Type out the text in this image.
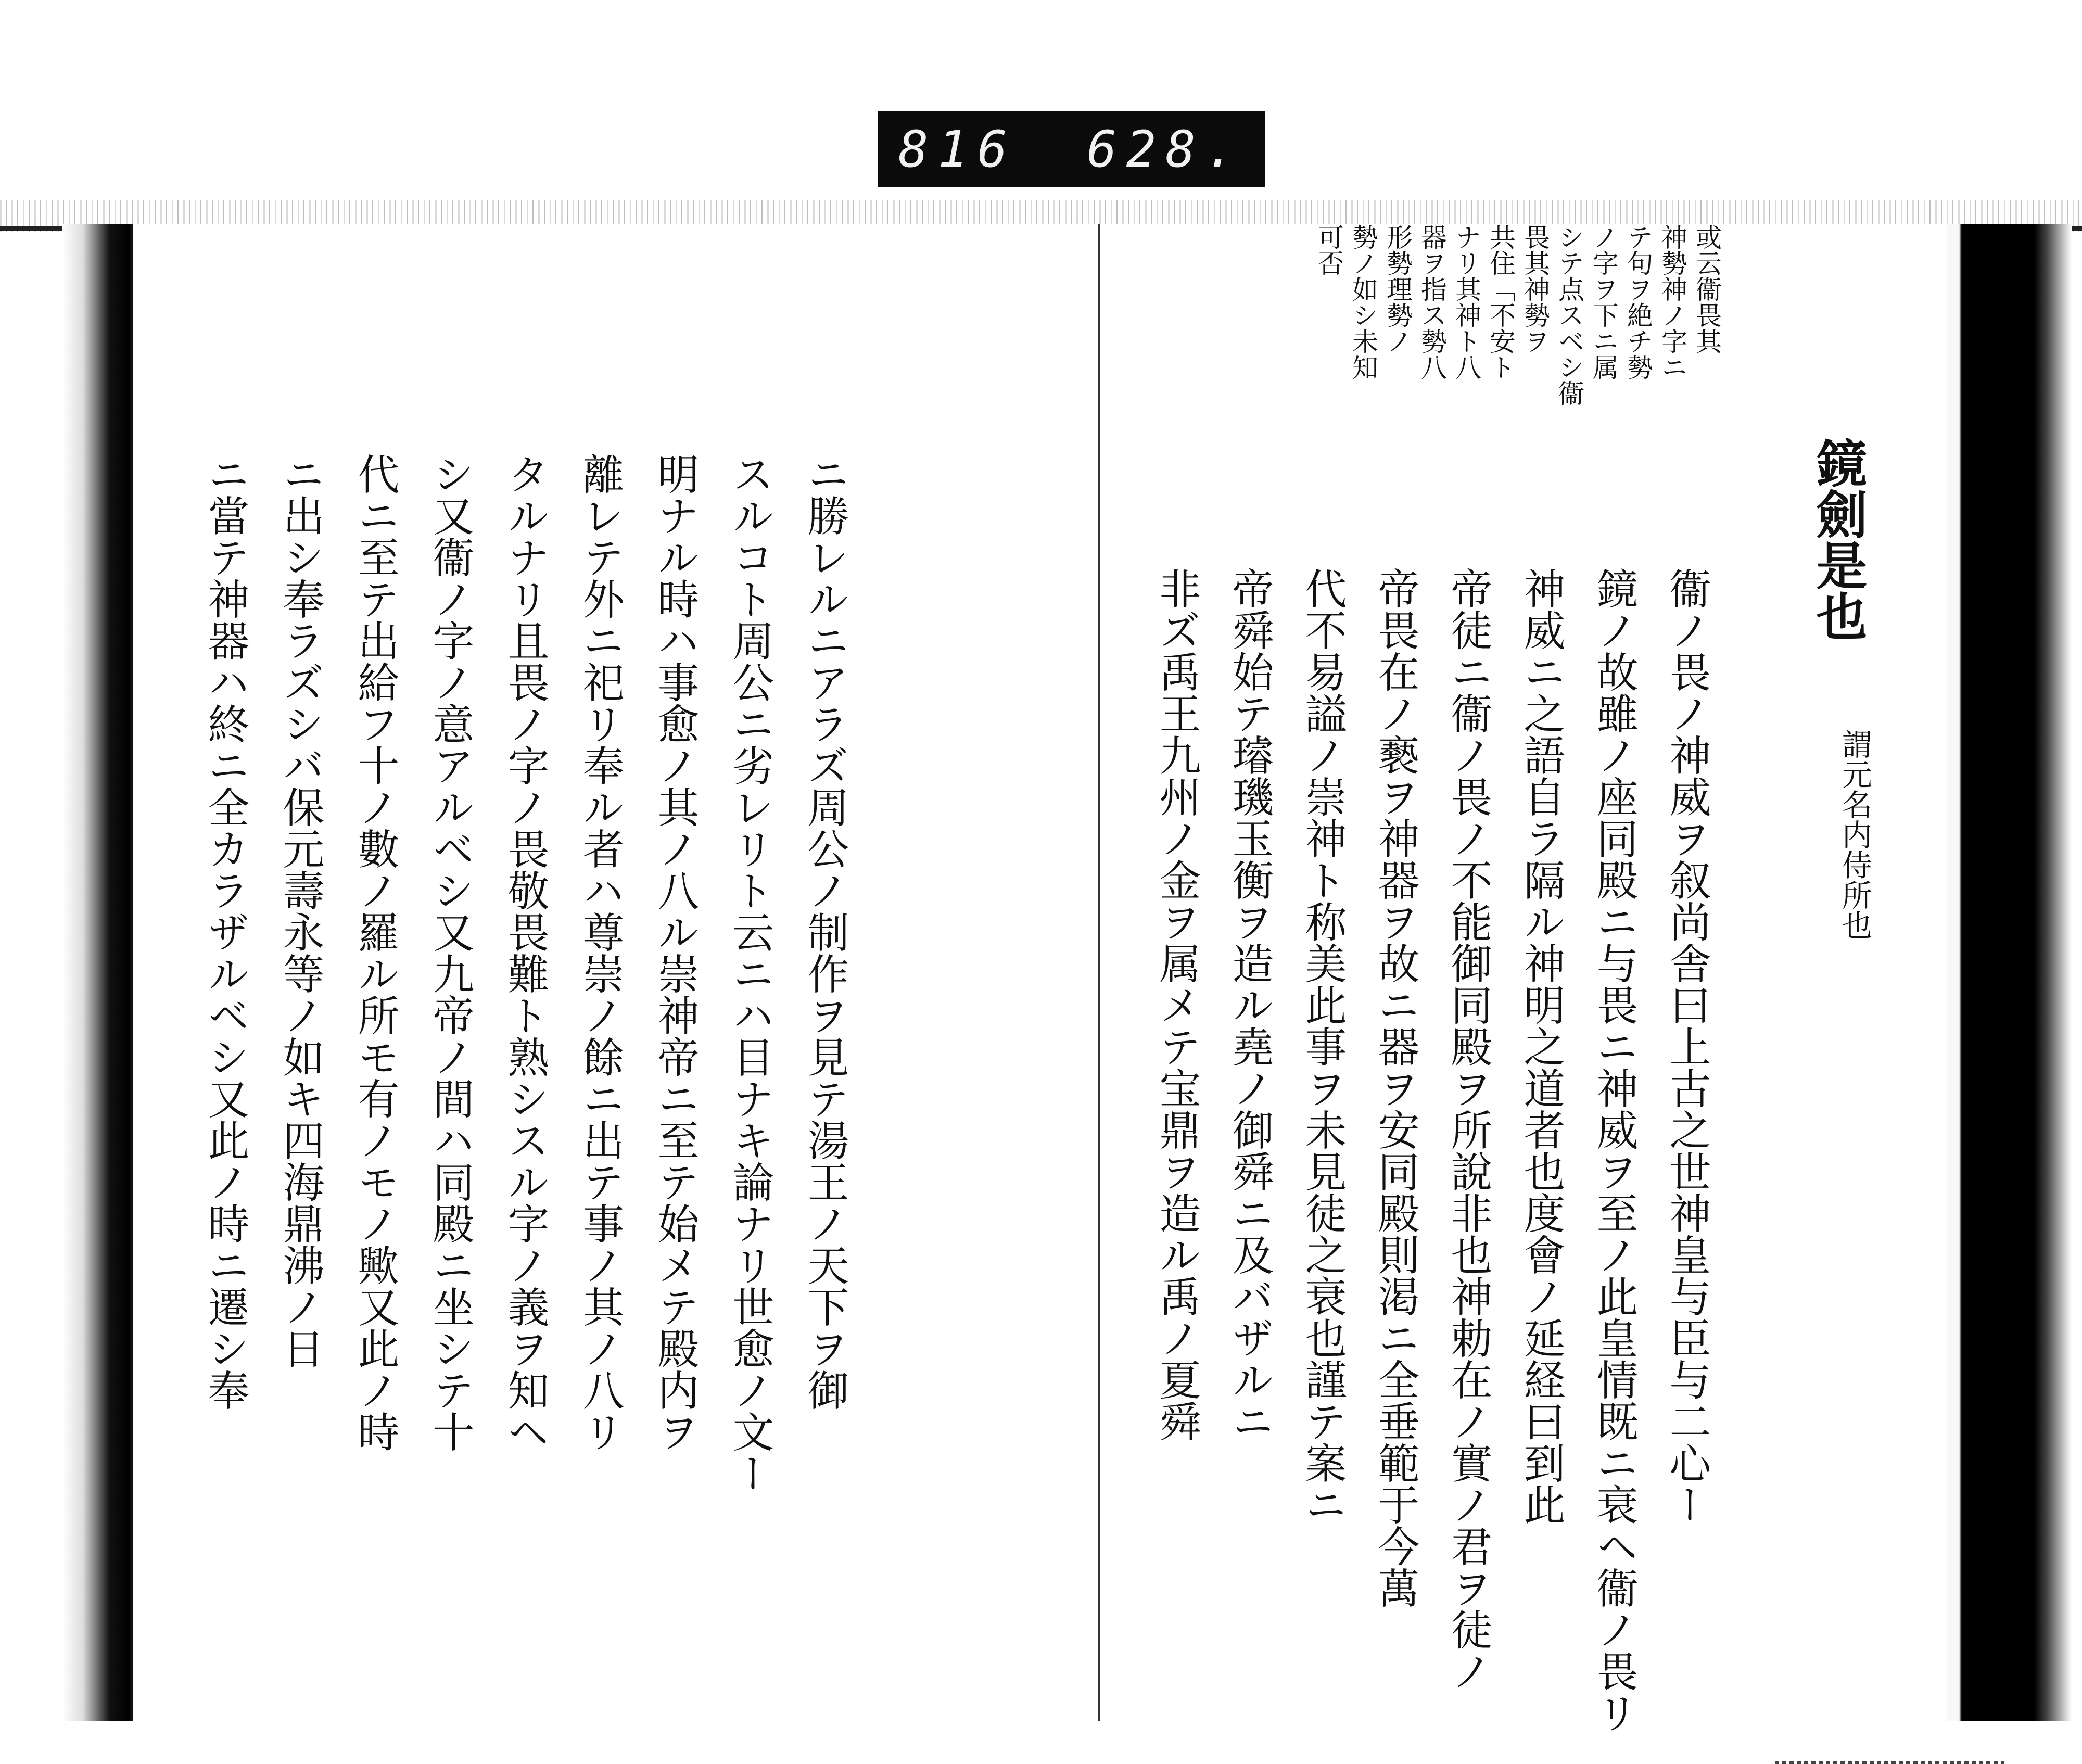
816 628.
或云衞畏其
神勢神ノ字ニ
テ句ヲ絶チ勢
ノ字ヲ下ニ属
シテ点スベシ衞
畏其神勢ヲ
共住「不安ト
ナリ其神ト八
器ヲ指ス勢八
形勢理勢ノ
勢ノ如シ未知
可否
鏡劍是也
謂元名内侍所也
衞ノ畏ノ神威ヲ叙尚舎曰上古之世神皇与臣与二心ー
鏡ノ故雖ノ座同殿ニ与畏ニ神威ヲ至ノ此皇情既ニ衰ヘ衞ノ畏リ
神威ニ之語自ラ隔ル神明之道者也度會ノ延経曰到此
帝徒ニ衞ノ畏ノ不能御同殿ヲ所說非也神勅在ノ實ノ君ヲ徒ノ
帝畏在ノ褻ヲ神器ヲ故ニ器ヲ安同殿則渇ニ全垂範于今萬
代不易謚ノ崇神ト称美此事ヲ未見徒之衰也謹テ案ニ
帝舜始テ璿璣玉衡ヲ造ル堯ノ御舜ニ及バザルニ
非ズ禹王九州ノ金ヲ属メテ宝鼎ヲ造ル禹ノ夏舜
ニ勝レルニアラズ周公ノ制作ヲ見テ湯王ノ天下ヲ御
スルコト周公ニ劣レリト云ニハ目ナキ論ナリ世愈ノ文ー
明ナル時ハ事愈ノ其ノ八ル崇神帝ニ至テ始メテ殿内ヲ
離レテ外ニ祀リ奉ル者ハ尊崇ノ餘ニ出テ事ノ其ノ八リ
タルナリ且畏ノ字ノ畏敬畏難ト熟シスル字ノ義ヲ知ヘ
シ又衞ノ字ノ意アルベシ又九帝ノ間ハ同殿ニ坐シテ十
代ニ至テ出給フ十ノ數ノ羅ル所モ有ノモノ歟又此ノ時
ニ出シ奉ラズシバ保元壽永等ノ如キ四海鼎沸ノ日
ニ當テ神器ハ終ニ全カラザルベシ又此ノ時ニ遷シ奉
